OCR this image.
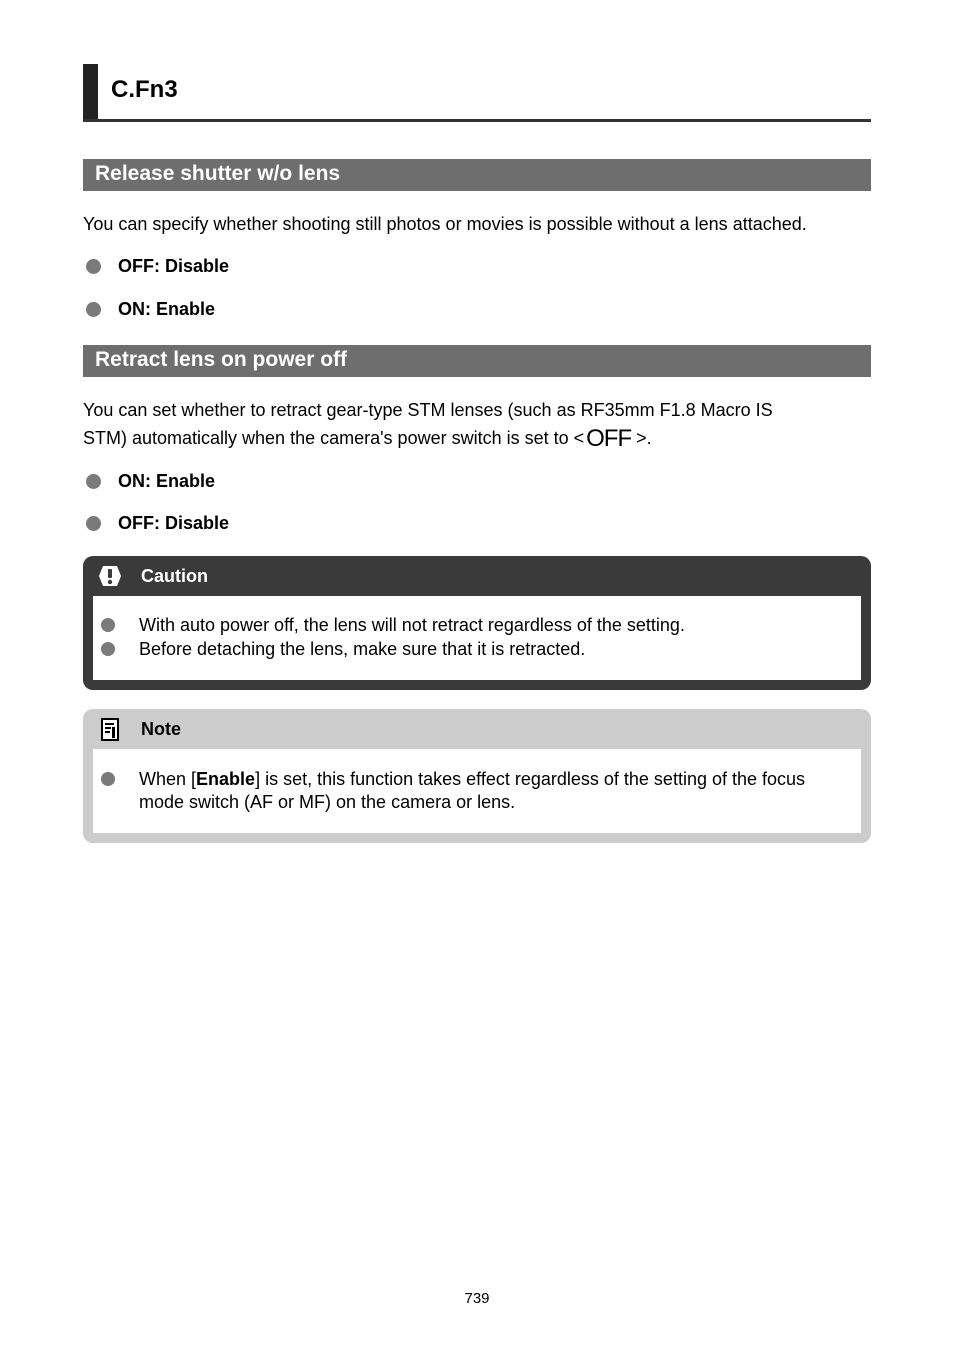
C.Fn3
Release shutter w/o lens
You can specify whether shooting still photos or movies is possible without a lens attached.
OFF: Disable
ON: Enable
Retract lens on power off
You can set whether to retract gear-type STM lenses (such as RF35mm F1.8 Macro IS
STM) automatically when the camera's power switch is set to <OFF >.
ON: Enable
OFF: Disable
Caution
With auto power off, the lens will not retract regardless of the setting.
Before detaching the lens, make sure that it is retracted.
Note
When [Enable] is set, this function takes effect regardless of the setting of the focus mode switch (AF or MF) on the camera or lens.
739
